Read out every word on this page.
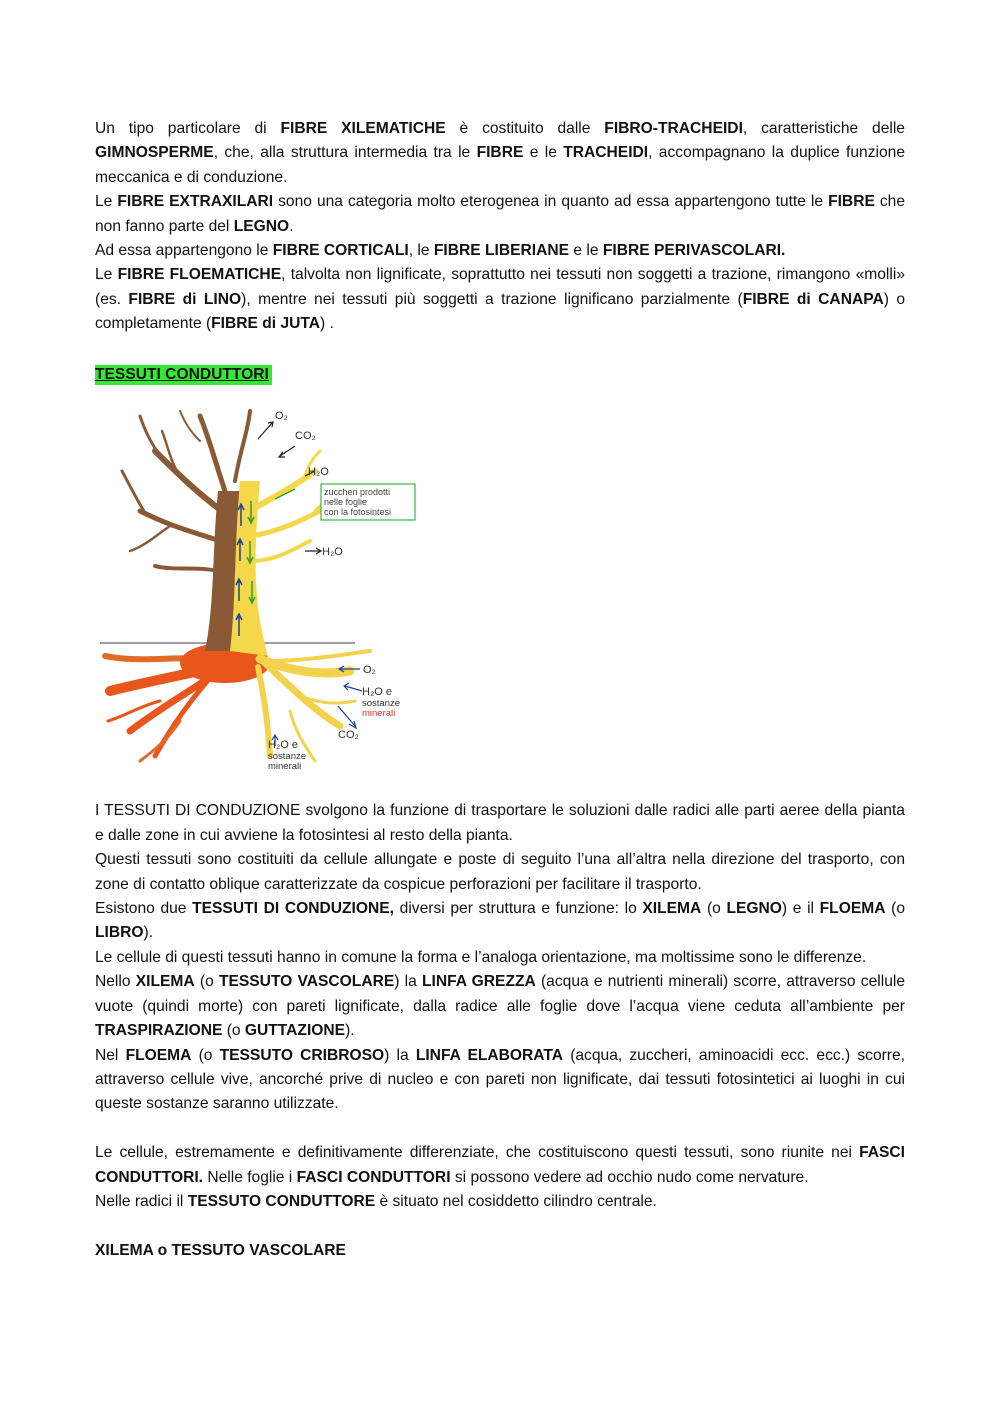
Un tipo particolare di FIBRE XILEMATICHE è costituito dalle FIBRO-TRACHEIDI, caratteristiche delle GIMNOSPERME, che, alla struttura intermedia tra le FIBRE e le TRACHEIDI, accompagnano la duplice funzione meccanica e di conduzione.

Le FIBRE EXTRAXILARI sono una categoria molto eterogenea in quanto ad essa appartengono tutte le FIBRE che non fanno parte del LEGNO.

Ad essa appartengono le FIBRE CORTICALI, le FIBRE LIBERIANE e le FIBRE PERIVASCOLARI.

Le FIBRE FLOEMATICHE, talvolta non lignificate, soprattutto nei tessuti non soggetti a trazione, rimangono «molli» (es. FIBRE di LINO), mentre nei tessuti più soggetti a trazione lignificano parzialmente (FIBRE di CANAPA) o completamente (FIBRE di JUTA) .

TESSUTI CONDUTTORI

O₂
CO₂
H₂O
zuccheri prodotti
nelle foglie
con la fotosintesi
H₂O
O₂
H₂O e
sostanze
minerali
CO₂
H₂O e
sostanze
minerali

I TESSUTI DI CONDUZIONE svolgono la funzione di trasportare le soluzioni dalle radici alle parti aeree della pianta e dalle zone in cui avviene la fotosintesi al resto della pianta.

Questi tessuti sono costituiti da cellule allungate e poste di seguito l’una all’altra nella direzione del trasporto, con zone di contatto oblique caratterizzate da cospicue perforazioni per facilitare il trasporto.

Esistono due TESSUTI DI CONDUZIONE, diversi per struttura e funzione: lo XILEMA (o LEGNO) e il FLOEMA (o LIBRO).

Le cellule di questi tessuti hanno in comune la forma e l’analoga orientazione, ma moltissime sono le differenze.

Nello XILEMA (o TESSUTO VASCOLARE) la LINFA GREZZA (acqua e nutrienti minerali) scorre, attraverso cellule vuote (quindi morte) con pareti lignificate, dalla radice alle foglie dove l’acqua viene ceduta all’ambiente per TRASPIRAZIONE (o GUTTAZIONE).

Nel FLOEMA (o TESSUTO CRIBROSO) la LINFA ELABORATA (acqua, zuccheri, aminoacidi ecc. ecc.) scorre, attraverso cellule vive, ancorché prive di nucleo e con pareti non lignificate, dai tessuti fotosintetici ai luoghi in cui queste sostanze saranno utilizzate.

Le cellule, estremamente e definitivamente differenziate, che costituiscono questi tessuti, sono riunite nei FASCI CONDUTTORI. Nelle foglie i FASCI CONDUTTORI si possono vedere ad occhio nudo come nervature.

Nelle radici il TESSUTO CONDUTTORE è situato nel cosiddetto cilindro centrale.

XILEMA o TESSUTO VASCOLARE
